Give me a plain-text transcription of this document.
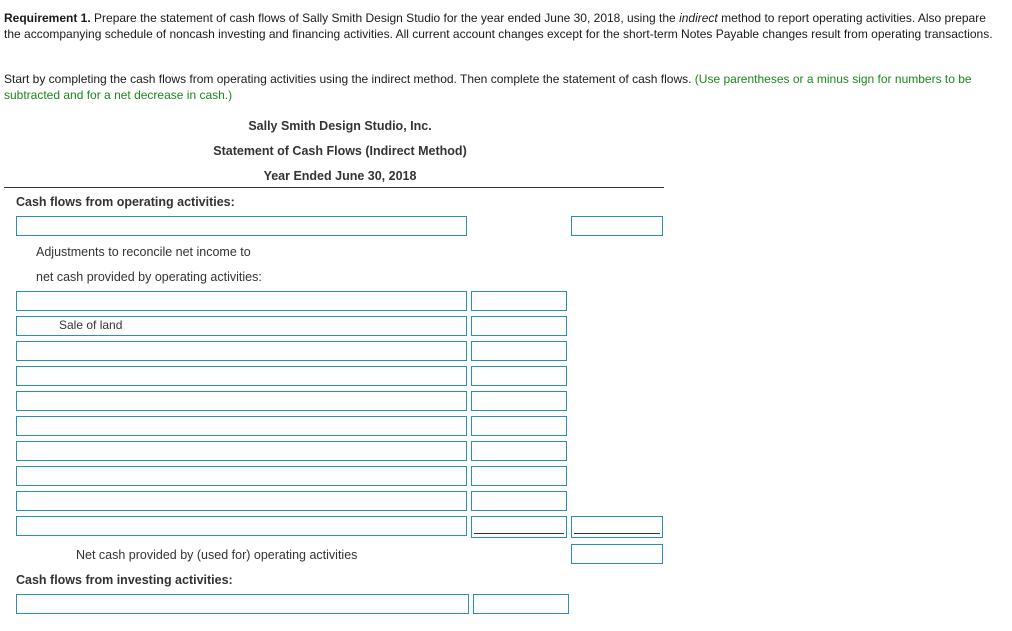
Requirement 1. Prepare the statement of cash flows of Sally Smith Design Studio for the year ended June 30, 2018, using the indirect method to report operating activities. Also prepare the accompanying schedule of noncash investing and financing activities. All current account changes except for the short-term Notes Payable changes result from operating transactions.
Start by completing the cash flows from operating activities using the indirect method. Then complete the statement of cash flows. (Use parentheses or a minus sign for numbers to be subtracted and for a net decrease in cash.)
Sally Smith Design Studio, Inc.
Statement of Cash Flows (Indirect Method)
Year Ended June 30, 2018
Cash flows from operating activities:
Adjustments to reconcile net income to
net cash provided by operating activities:
Sale of land
Net cash provided by (used for) operating activities
Cash flows from investing activities:
